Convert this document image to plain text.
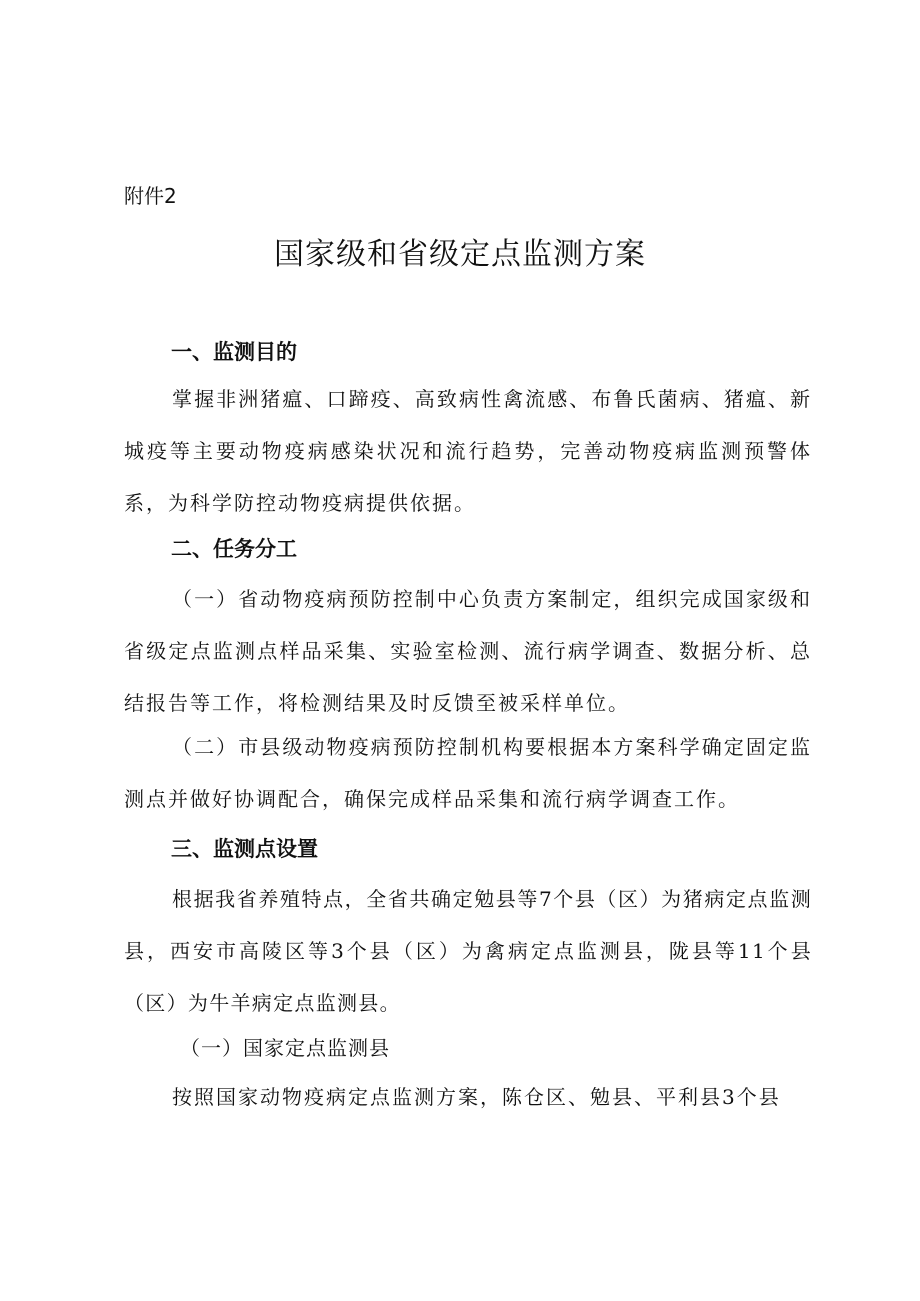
附件2

国家级和省级定点监测方案
一、监测目的

掌握非洲猪瘟、口蹄疫、高致病性禽流感、布鲁氏菌病、猪瘟、新城疫等主要动物疫病感染状况和流行趋势，完善动物疫病监测预警体系，为科学防控动物疫病提供依据。

二、任务分工

（一）省动物疫病预防控制中心负责方案制定，组织完成国家级和省级定点监测点样品采集、实验室检测、流行病学调查、数据分析、总结报告等工作，将检测结果及时反馈至被采样单位。

（二）市县级动物疫病预防控制机构要根据本方案科学确定固定监测点并做好协调配合，确保完成样品采集和流行病学调查工作。

三、监测点设置

根据我省养殖特点，全省共确定勉县等7个县（区）为猪病定点监测县，西安市高陵区等3个县（区）为禽病定点监测县，陇县等11个县（区）为牛羊病定点监测县。

（一）国家定点监测县

按照国家动物疫病定点监测方案，陈仓区、勉县、平利县3个县
